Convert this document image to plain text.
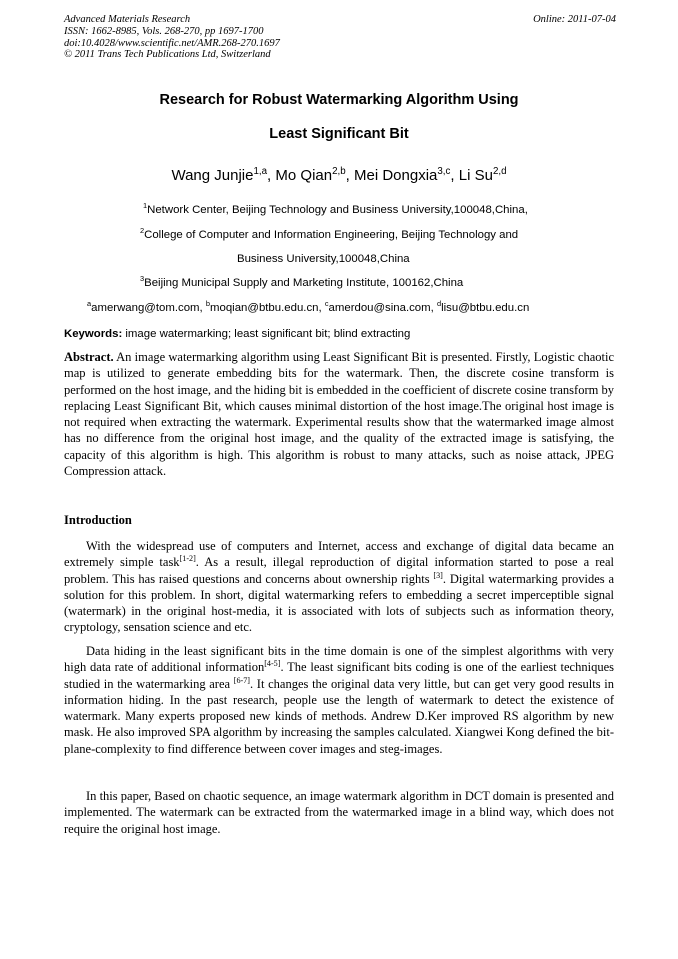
Advanced Materials Research
ISSN: 1662-8985, Vols. 268-270, pp 1697-1700
doi:10.4028/www.scientific.net/AMR.268-270.1697
© 2011 Trans Tech Publications Ltd, Switzerland
Online: 2011-07-04
Research for Robust Watermarking Algorithm Using
Least Significant Bit
Wang Junjie$^{1,a}$, Mo Qian$^{2,b}$, Mei Dongxia$^{3,c}$, Li Su$^{2,d}$
$^1$Network Center, Beijing Technology and Business University,100048,China,
$^2$College of Computer and Information Engineering, Beijing Technology and
Business University,100048,China
$^3$Beijing Municipal Supply and Marketing Institute, 100162,China
$^a$amerwang@tom.com, $^b$moqian@btbu.edu.cn, $^c$amerdou@sina.com, $^d$lisu@btbu.edu.cn
Keywords: image watermarking; least significant bit; blind extracting

Abstract. An image watermarking algorithm using Least Significant Bit is presented. Firstly, Logistic chaotic map is utilized to generate embedding bits for the watermark. Then, the discrete cosine transform is performed on the host image, and the hiding bit is embedded in the coefficient of discrete cosine transform by replacing Least Significant Bit, which causes minimal distortion of the host image.The original host image is not required when extracting the watermark. Experimental results show that the watermarked image almost has no difference from the original host image, and the quality of the extracted image is satisfying, the capacity of this algorithm is high. This algorithm is robust to many attacks, such as noise attack, JPEG Compression attack.

Introduction

With the widespread use of computers and Internet, access and exchange of digital data became an extremely simple task[1-2]. As a result, illegal reproduction of digital information started to pose a real problem. This has raised questions and concerns about ownership rights [3]. Digital watermarking provides a solution for this problem. In short, digital watermarking refers to embedding a secret imperceptible signal (watermark) in the original host-media, it is associated with lots of subjects such as information theory, cryptology, sensation science and etc.

Data hiding in the least significant bits in the time domain is one of the simplest algorithms with very high data rate of additional information[4-5]. The least significant bits coding is one of the earliest techniques studied in the watermarking area [6-7]. It changes the original data very little, but can get very good results in information hiding. In the past research, people use the length of watermark to detect the existence of watermark. Many experts proposed new kinds of methods. Andrew D.Ker improved RS algorithm by new mask. He also improved SPA algorithm by increasing the samples calculated. Xiangwei Kong defined the bit-plane-complexity to find difference between cover images and steg-images.

In this paper, Based on chaotic sequence, an image watermark algorithm in DCT domain is presented and implemented. The watermark can be extracted from the watermarked image in a blind way, which does not require the original host image.
